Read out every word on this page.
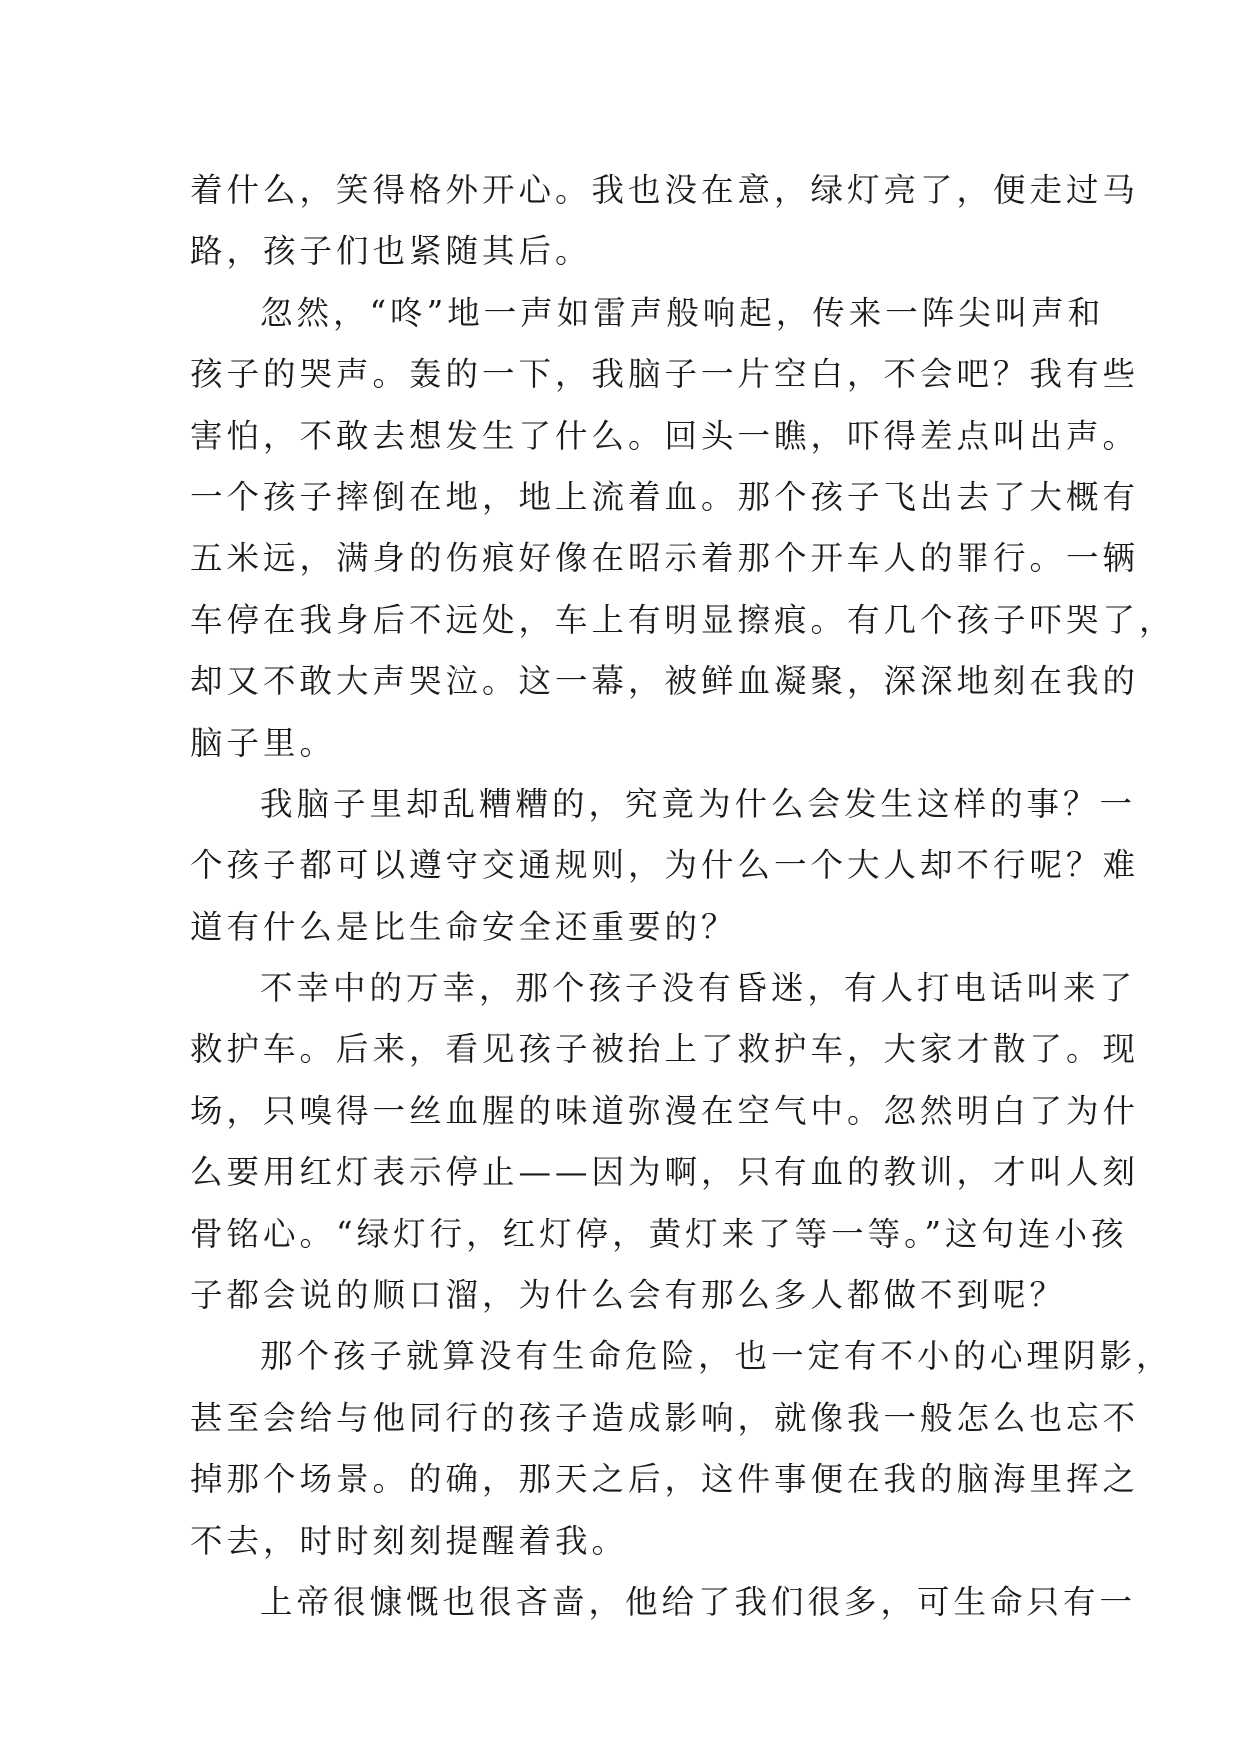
着什么，笑得格外开心。我也没在意，绿灯亮了，便走过马
路，孩子们也紧随其后。
忽然，“咚”地一声如雷声般响起，传来一阵尖叫声和
孩子的哭声。轰的一下，我脑子一片空白，不会吧？我有些
害怕，不敢去想发生了什么。回头一瞧，吓得差点叫出声。
一个孩子摔倒在地，地上流着血。那个孩子飞出去了大概有
五米远，满身的伤痕好像在昭示着那个开车人的罪行。一辆
车停在我身后不远处，车上有明显擦痕。有几个孩子吓哭了，
却又不敢大声哭泣。这一幕，被鲜血凝聚，深深地刻在我的
脑子里。
我脑子里却乱糟糟的，究竟为什么会发生这样的事？一
个孩子都可以遵守交通规则，为什么一个大人却不行呢？难
道有什么是比生命安全还重要的？
不幸中的万幸，那个孩子没有昏迷，有人打电话叫来了
救护车。后来，看见孩子被抬上了救护车，大家才散了。现
场，只嗅得一丝血腥的味道弥漫在空气中。忽然明白了为什
么要用红灯表示停止——因为啊，只有血的教训，才叫人刻
骨铭心。“绿灯行，红灯停，黄灯来了等一等。”这句连小孩
子都会说的顺口溜，为什么会有那么多人都做不到呢？
那个孩子就算没有生命危险，也一定有不小的心理阴影，
甚至会给与他同行的孩子造成影响，就像我一般怎么也忘不
掉那个场景。的确，那天之后，这件事便在我的脑海里挥之
不去，时时刻刻提醒着我。
上帝很慷慨也很吝啬，他给了我们很多，可生命只有一
